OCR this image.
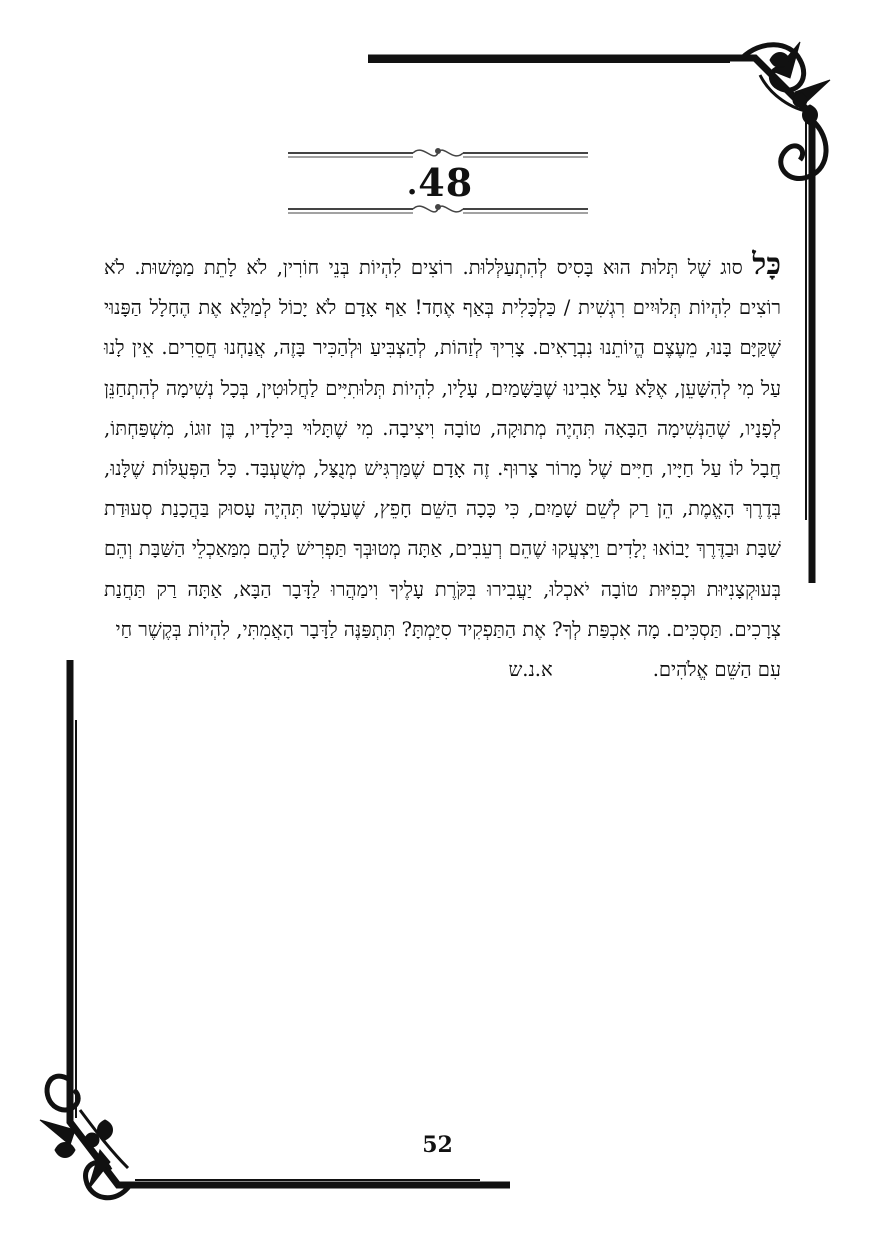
.48
כָּל סוג שֶׁל תְּלוּת הוּא בָּסִיס לְהִתְעַלְּלוּת. רוֹצִים לִהְיוֹת בְּנֵי חוֹרִין, לֹא לָתֵת מַמָּשׁוּת. לֹא רוֹצִים לִהְיוֹת תְּלוּיִים רִגְשִׁית / כַּלְכָּלִית בְּאַף אֶחָד! אַף אָדָם לֹא יָכוֹל לְמַלֵּא אֶת הֶחָלָל הַפָּנוּי שֶׁקַּיָּם בָּנוּ, מֵעֶצֶם הֱיוֹתֵנוּ נִבְרָאִים. צָרִיךְ לְזַהוֹת, לְהַצְבִּיעַ וּלְהַכִּיר בָּזֶה, אֲנַחְנוּ חֲסֵרִים. אֵין לָנוּ עַל מִי לְהִשָּׁעֵן, אֶלָּא עַל אָבִינוּ שֶׁבַּשָּׁמַיִם, עָלָיו, לִהְיוֹת תְּלוּתִיִּים לַחֲלוּטִין, בְּכָל נְשִׁימָה לְהִתְחַנֵּן לְפָנָיו, שֶׁהַנְּשִׁימָה הַבָּאָה תִּהְיֶה מְתוּקָה, טוֹבָה וִיצִיבָה. מִי שֶׁתָּלוּי בִּילָדָיו, בֶּן זוּגוֹ, מִשְׁפַּחְתּוֹ, חֲבָל לוֹ עַל חַיָּיו, חַיִּים שֶׁל מָרוֹר צָרוּף. זֶה אָדָם שֶׁמַּרְגִּישׁ מְנֻצָּל, מְשֻׁעְבָּד. כָּל הַפְּעֻלּוֹת שֶׁלָּנוּ, בְּדֶרֶךְ הָאֱמֶת, הֵן רַק לְשֵׁם שָׁמַיִם, כִּי כָּכָה הַשֵּׁם חָפֵץ, שֶׁעַכְשָׁו תִּהְיֶה עָסוּק בַּהֲכָנַת סְעוּדַת שַׁבָּת וּבַדֶּרֶךְ יָבוֹאוּ יְלָדִים וַיִּצְעֲקוּ שֶׁהֵם רְעֵבִים, אַתָּה מְטוּבְּךָ תַּפְרִישׁ לָהֶם מִמַּאַכְלֵי הַשַּׁבָּת וְהֵם בְּעוּקְצָנִיּוּת וּכְפִיּוּת טוֹבָה יֹאכְלוּ, יַעֲבִירוּ בִּקֹּרֶת עָלֶיךָ וִימַהֲרוּ לַדָּבָר הַבָּא, אַתָּה רַק תַּחֲנַת צְרָכִים. תַּסְכִּים. מָה אִכְפַּת לְךָ? אֶת הַתַּפְקִיד סִיַּמְתָּ? תִּתְפַּנֶּה לַדָּבָר הָאֲמִתִּי, לִהְיוֹת בְּקֶשֶׁר חַי
עִם הַשֵּׁם אֱלֹהִים.א.נ.ש
52
